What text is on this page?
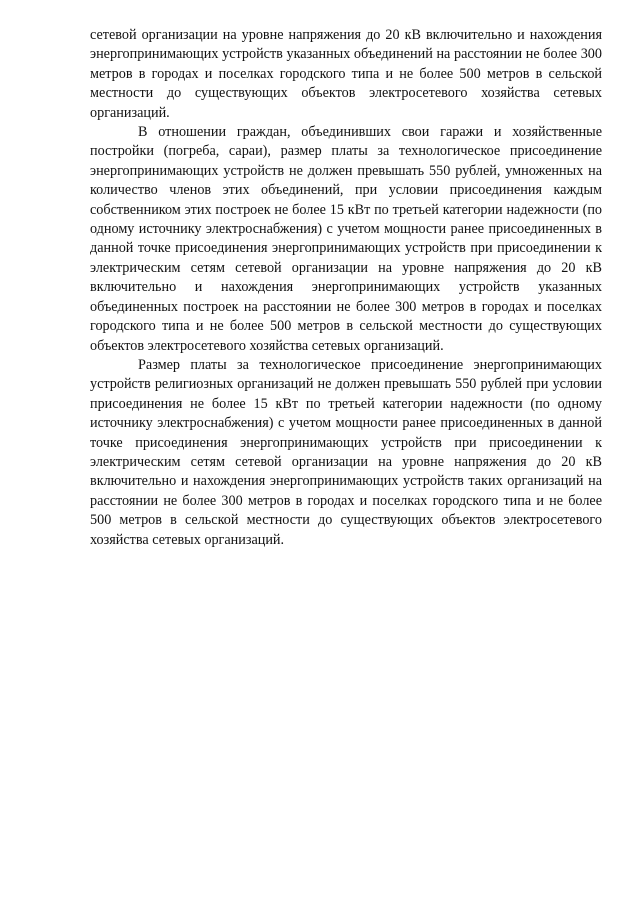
сетевой организации на уровне напряжения до 20 кВ включительно и нахождения энергопринимающих устройств указанных объединений на расстоянии не более 300 метров в городах и поселках городского типа и не более 500 метров в сельской местности до существующих объектов электросетевого хозяйства сетевых организаций.

В отношении граждан, объединивших свои гаражи и хозяйственные постройки (погреба, сараи), размер платы за технологическое присоединение энергопринимающих устройств не должен превышать 550 рублей, умноженных на количество членов этих объединений, при условии присоединения каждым собственником этих построек не более 15 кВт по третьей категории надежности (по одному источнику электроснабжения) с учетом мощности ранее присоединенных в данной точке присоединения энергопринимающих устройств при присоединении к электрическим сетям сетевой организации на уровне напряжения до 20 кВ включительно и нахождения энергопринимающих устройств указанных объединенных построек на расстоянии не более 300 метров в городах и поселках городского типа и не более 500 метров в сельской местности до существующих объектов электросетевого хозяйства сетевых организаций.

Размер платы за технологическое присоединение энергопринимающих устройств религиозных организаций не должен превышать 550 рублей при условии присоединения не более 15 кВт по третьей категории надежности (по одному источнику электроснабжения) с учетом мощности ранее присоединенных в данной точке присоединения энергопринимающих устройств при присоединении к электрическим сетям сетевой организации на уровне напряжения до 20 кВ включительно и нахождения энергопринимающих устройств таких организаций на расстоянии не более 300 метров в городах и поселках городского типа и не более 500 метров в сельской местности до существующих объектов электросетевого хозяйства сетевых организаций.
